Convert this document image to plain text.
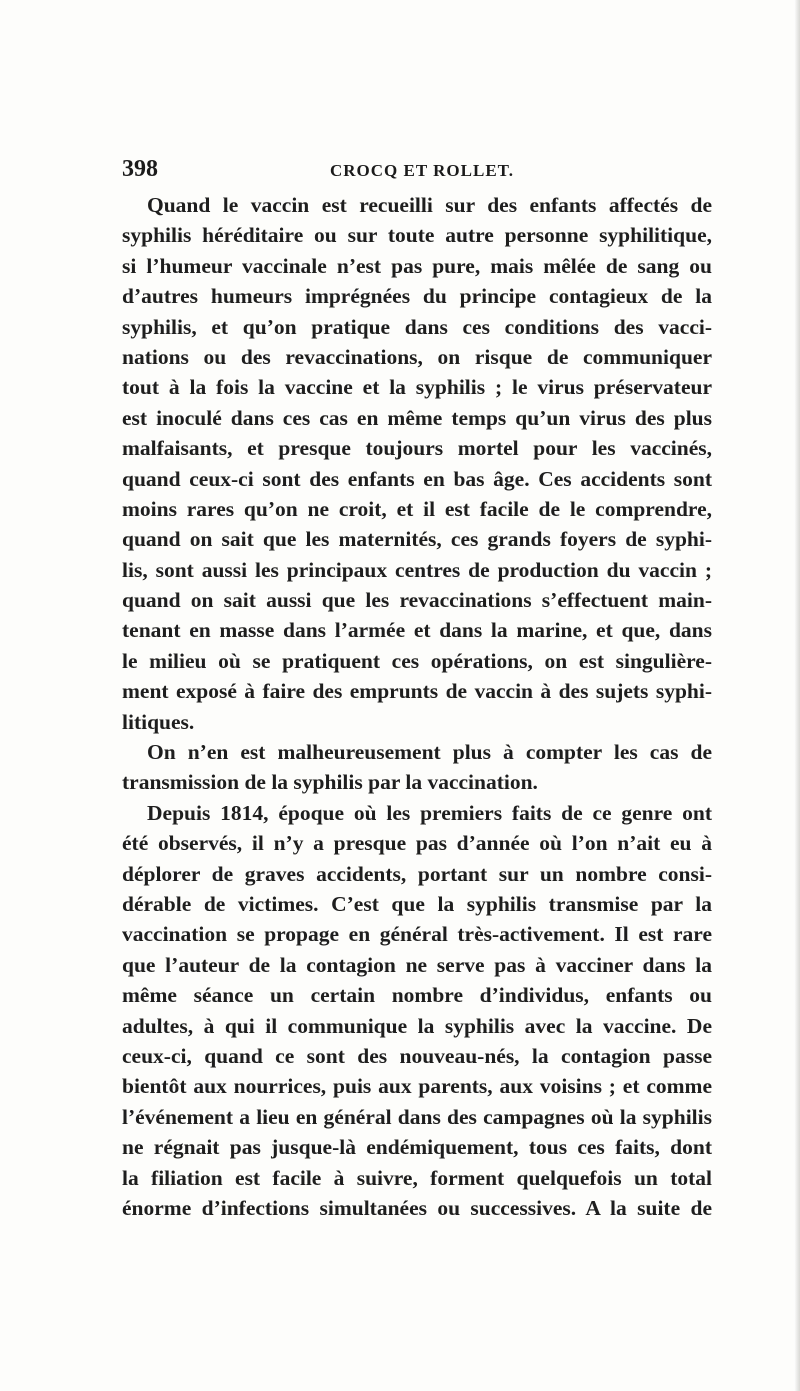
398	CROCQ ET ROLLET.
Quand le vaccin est recueilli sur des enfants affectés de
syphilis héréditaire ou sur toute autre personne syphilitique,
si l’humeur vaccinale n’est pas pure, mais mêlée de sang ou
d’autres humeurs imprégnées du principe contagieux de la
syphilis, et qu’on pratique dans ces conditions des vacci-
nations ou des revaccinations, on risque de communiquer
tout à la fois la vaccine et la syphilis ; le virus préservateur
est inoculé dans ces cas en même temps qu’un virus des plus
malfaisants, et presque toujours mortel pour les vaccinés,
quand ceux-ci sont des enfants en bas âge. Ces accidents sont
moins rares qu’on ne croit, et il est facile de le comprendre,
quand on sait que les maternités, ces grands foyers de syphi-
lis, sont aussi les principaux centres de production du vaccin ;
quand on sait aussi que les revaccinations s’effectuent main-
tenant en masse dans l’armée et dans la marine, et que, dans
le milieu où se pratiquent ces opérations, on est singulière-
ment exposé à faire des emprunts de vaccin à des sujets syphi-
litiques.
On n’en est malheureusement plus à compter les cas de
transmission de la syphilis par la vaccination.
Depuis 1814, époque où les premiers faits de ce genre ont
été observés, il n’y a presque pas d’année où l’on n’ait eu à
déplorer de graves accidents, portant sur un nombre consi-
dérable de victimes. C’est que la syphilis transmise par la
vaccination se propage en général très-activement. Il est rare
que l’auteur de la contagion ne serve pas à vacciner dans la
même séance un certain nombre d’individus, enfants ou
adultes, à qui il communique la syphilis avec la vaccine. De
ceux-ci, quand ce sont des nouveau-nés, la contagion passe
bientôt aux nourrices, puis aux parents, aux voisins ; et comme
l’événement a lieu en général dans des campagnes où la syphilis
ne régnait pas jusque-là endémiquement, tous ces faits, dont
la filiation est facile à suivre, forment quelquefois un total
énorme d’infections simultanées ou successives. A la suite de
